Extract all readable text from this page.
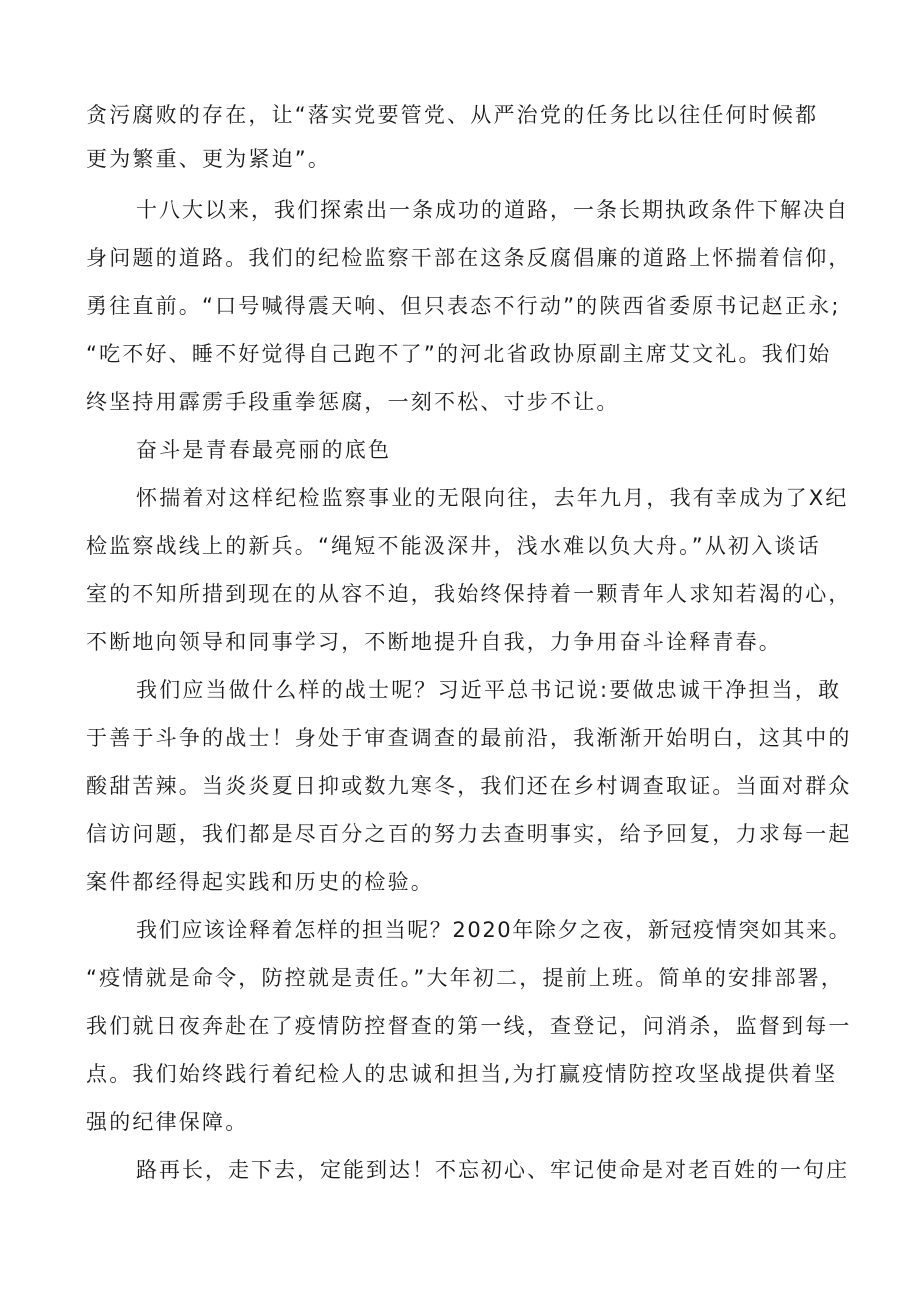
贪污腐败的存在，让“落实党要管党、从严治党的任务比以往任何时候都
更为繁重、更为紧迫”。
十八大以来，我们探索出一条成功的道路，一条长期执政条件下解决自
身问题的道路。我们的纪检监察干部在这条反腐倡廉的道路上怀揣着信仰，
勇往直前。“口号喊得震天响、但只表态不行动”的陕西省委原书记赵正永;
“吃不好、睡不好觉得自己跑不了”的河北省政协原副主席艾文礼。我们始
终坚持用霹雳手段重拳惩腐，一刻不松、寸步不让。
奋斗是青春最亮丽的底色
怀揣着对这样纪检监察事业的无限向往，去年九月，我有幸成为了X纪
检监察战线上的新兵。“绳短不能汲深井，浅水难以负大舟。”从初入谈话
室的不知所措到现在的从容不迫，我始终保持着一颗青年人求知若渴的心，
不断地向领导和同事学习，不断地提升自我，力争用奋斗诠释青春。
我们应当做什么样的战士呢？习近平总书记说:要做忠诚干净担当，敢
于善于斗争的战士！身处于审查调查的最前沿，我渐渐开始明白，这其中的
酸甜苦辣。当炎炎夏日抑或数九寒冬，我们还在乡村调查取证。当面对群众
信访问题，我们都是尽百分之百的努力去查明事实，给予回复，力求每一起
案件都经得起实践和历史的检验。
我们应该诠释着怎样的担当呢？2020年除夕之夜，新冠疫情突如其来。
“疫情就是命令，防控就是责任。”大年初二，提前上班。简单的安排部署，
我们就日夜奔赴在了疫情防控督查的第一线，查登记，问消杀，监督到每一
点。我们始终践行着纪检人的忠诚和担当,为打赢疫情防控攻坚战提供着坚
强的纪律保障。
路再长，走下去，定能到达！不忘初心、牢记使命是对老百姓的一句庄
